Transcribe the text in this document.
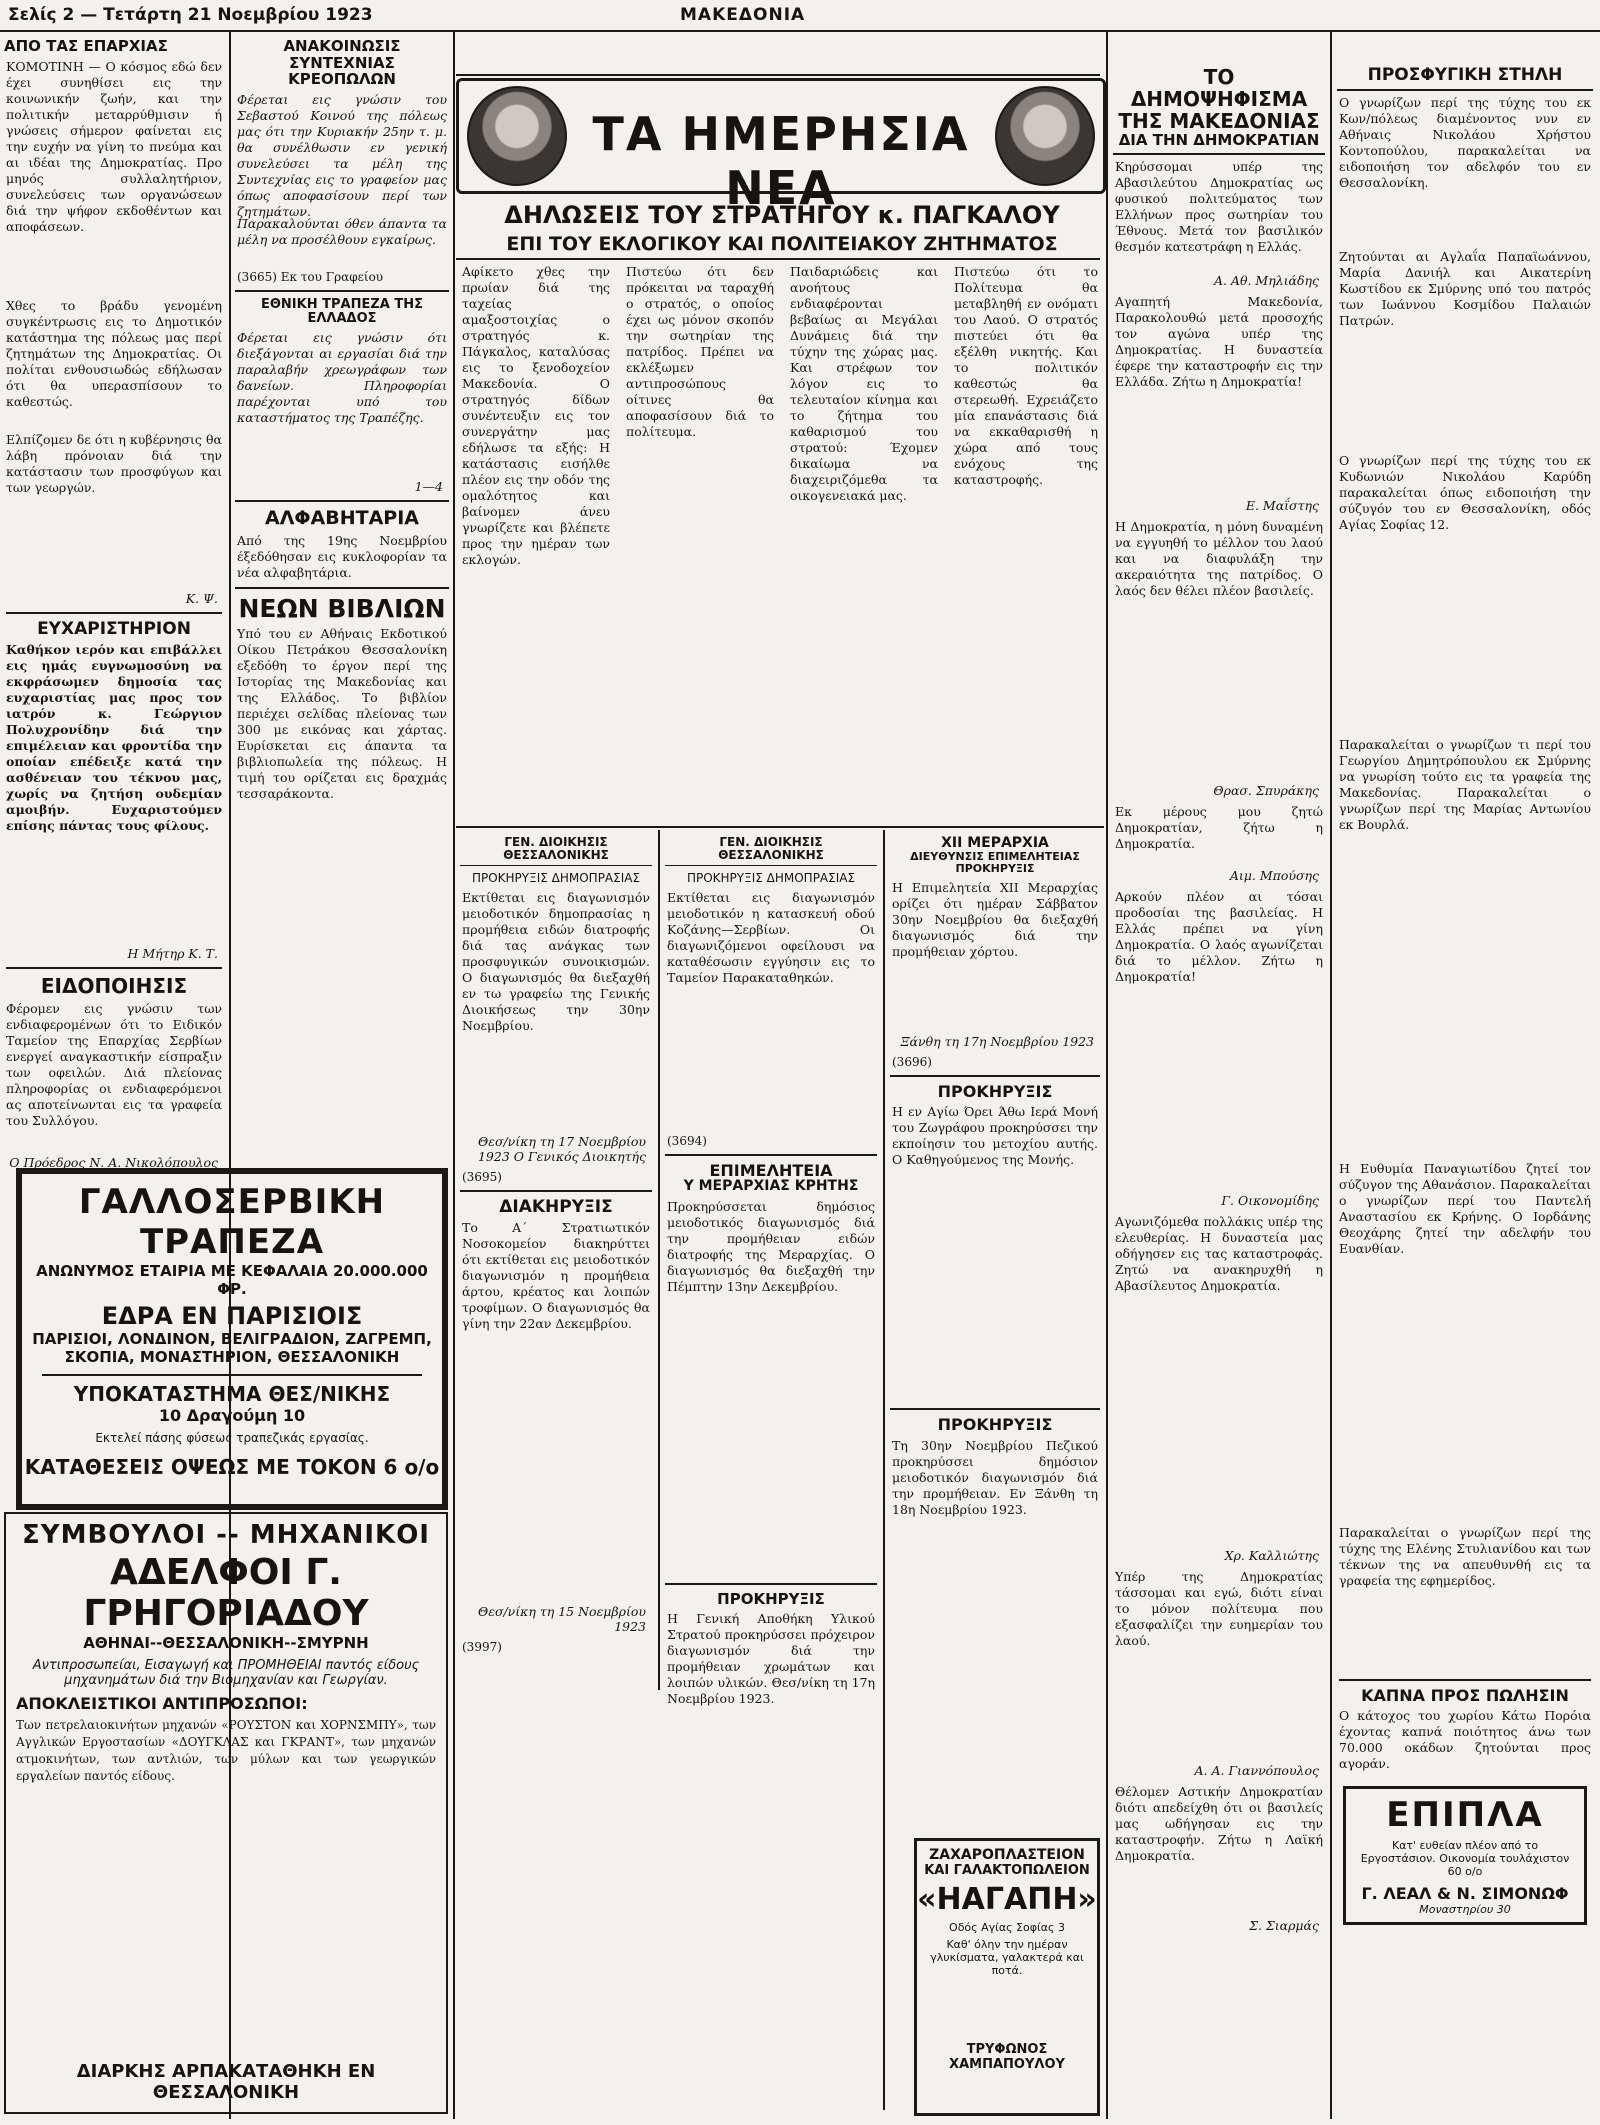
Σελίς 2 — Τετάρτη 21 Νοεμβρίου 1923	ΜΑΚΕΔΟΝΙΑ
ΑΠΟ ΤΑΣ ΕΠΑΡΧΙΑΣ

ΚΟΜΟΤΙΝΗ — Ο κόσμος εδώ δεν έχει συνηθίσει εις την κοινωνικήν ζωήν, και την πολιτικήν μεταρρύθμισιν ή γνώσεις σήμερον φαίνεται εις την ευχήν να γίνη το πνεύμα και αι ιδέαι της Δημοκρατίας. Προ μηνός συλλαλητήριον, συνελεύσεις των οργανώσεων διά την ψήφον εκδοθέντων και αποφάσεων.

Χθες το βράδυ γενομένη συγκέντρωσις εις το Δημοτικόν κατάστημα της πόλεως μας περί ζητημάτων της Δημοκρατίας. Οι πολίται ενθουσιωδώς εδήλωσαν ότι θα υπερασπίσουν το καθεστώς.

Ελπίζομεν δε ότι η κυβέρνησις θα λάβη πρόνοιαν διά την κατάστασιν των προσφύγων και των γεωργών.

Κ. Ψ.
ΕΥΧΑΡΙΣΤΗΡΙΟΝ

Καθήκον ιερόν και επιβάλλει εις ημάς ευγνωμοσύνη να εκφράσωμεν δημοσία τας ευχαριστίας μας προς τον ιατρόν κ. Γεώργιον Πολυχρονίδην διά την επιμέλειαν και φροντίδα την οποίαν επέδειξε κατά την ασθένειαν του τέκνου μας, χωρίς να ζητήση ουδεμίαν αμοιβήν. Ευχαριστούμεν επίσης πάντας τους φίλους.

Η Μήτηρ Κ. Τ.
ΕΙΔΟΠΟΙΗΣΙΣ

Φέρομεν εις γνώσιν των ενδιαφερομένων ότι το Ειδικόν Ταμείον της Επαρχίας Σερβίων ενεργεί αναγκαστικήν είσπραξιν των οφειλών. Διά πλείονας πληροφορίας οι ενδιαφερόμενοι ας αποτείνωνται εις τα γραφεία του Συλλόγου.

Ο Πρόεδρος Ν. Α. Νικολόπουλος
ΑΝΑΚΟΙΝΩΣΙΣ
ΣΥΝΤΕΧΝΙΑΣ ΚΡΕΟΠΩΛΩΝ

Φέρεται εις γνώσιν του Σεβαστού Κοινού της πόλεως μας ότι την Κυριακήν 25ην τ. μ. θα συνέλθωσιν εν γενική συνελεύσει τα μέλη της Συντεχνίας εις το γραφείον μας όπως αποφασίσουν περί των ζητημάτων.

Παρακαλούνται όθεν άπαντα τα μέλη να προσέλθουν εγκαίρως.

(3665) Εκ του Γραφείου
ΕΘΝΙΚΗ ΤΡΑΠΕΖΑ ΤΗΣ ΕΛΛΑΔΟΣ

Φέρεται εις γνώσιν ότι διεξάγονται αι εργασίαι διά την παραλαβήν χρεωγράφων των δανείων. Πληροφορίαι παρέχονται υπό του καταστήματος της Τραπέζης.

1—4
ΑΛΦΑΒΗΤΑΡΙΑ

Από της 19ης Νοεμβρίου έξεδόθησαν εις κυκλοφορίαν τα νέα αλφαβητάρια.

ΝΕΩΝ ΒΙΒΛΙΩΝ

Υπό του εν Αθήναις Εκδοτικού Οίκου Πετράκου Θεσσαλονίκη εξεδόθη το έργον περί της Ιστορίας της Μακεδονίας και της Ελλάδος. Το βιβλίον περιέχει σελίδας πλείονας των 300 με εικόνας και χάρτας. Ευρίσκεται εις άπαντα τα βιβλιοπωλεία της πόλεως. Η τιμή του ορίζεται εις δραχμάς τεσσαράκοντα.

ΤΑ ΗΜΕΡΗΣΙΑ ΝΕΑ
ΔΗΛΩΣΕΙΣ ΤΟΥ ΣΤΡΑΤΗΓΟΥ κ. ΠΑΓΚΑΛΟΥ
ΕΠΙ ΤΟΥ ΕΚΛΟΓΙΚΟΥ ΚΑΙ ΠΟΛΙΤΕΙΑΚΟΥ ΖΗΤΗΜΑΤΟΣ

Αφίκετο χθες την πρωίαν διά της ταχείας αμαξοστοιχίας ο στρατηγός κ. Πάγκαλος, καταλύσας εις το ξενοδοχείον Μακεδονία. Ο στρατηγός δίδων συνέντευξιν εις τον συνεργάτην μας εδήλωσε τα εξής: Η κατάστασις εισήλθε πλέον εις την οδόν της ομαλότητος και βαίνομεν άνευ γνωρίζετε και βλέπετε προς την ημέραν των εκλογών.

Πιστεύω ότι δεν πρόκειται να ταραχθή ο στρατός, ο οποίος έχει ως μόνον σκοπόν την σωτηρίαν της πατρίδος. Πρέπει να εκλέξωμεν αντιπροσώπους οίτινες θα αποφασίσουν διά το πολίτευμα.

Παιδαριώδεις και ανοήτους ενδιαφέρονται βεβαίως αι Μεγάλαι Δυνάμεις διά την τύχην της χώρας μας. Και στρέφων τον λόγον εις το τελευταίον κίνημα και το ζήτημα του καθαρισμού του στρατού: Έχομεν δικαίωμα να διαχειριζόμεθα τα οικογενειακά μας.

Πιστεύω ότι το Πολίτευμα θα μεταβληθή εν ονόματι του Λαού. Ο στρατός πιστεύει ότι θα εξέλθη νικητής. Και το πολιτικόν καθεστώς θα στερεωθή. Εχρειάζετο μία επανάστασις διά να εκκαθαρισθή η χώρα από τους ενόχους της καταστροφής.

ΓΕΝ. ΔΙΟΙΚΗΣΙΣ ΘΕΣΣΑΛΟΝΙΚΗΣ
ΠΡΟΚΗΡΥΞΙΣ ΔΗΜΟΠΡΑΣΙΑΣ

Εκτίθεται εις διαγωνισμόν μειοδοτικόν δημοπρασίας η προμήθεια ειδών διατροφής διά τας ανάγκας των προσφυγικών συνοικισμών. Ο διαγωνισμός θα διεξαχθή εν τω γραφείω της Γενικής Διοικήσεως την 30ην Νοεμβρίου.

Θεσ/νίκη τη 17 Νοεμβρίου 1923 Ο Γενικός Διοικητής
(3695)
ΔΙΑΚΗΡΥΞΙΣ

Το Α΄ Στρατιωτικόν Νοσοκομείον διακηρύττει ότι εκτίθεται εις μειοδοτικόν διαγωνισμόν η προμήθεια άρτου, κρέατος και λοιπών τροφίμων. Ο διαγωνισμός θα γίνη την 22αν Δεκεμβρίου.

Θεσ/νίκη τη 15 Νοεμβρίου 1923
(3997)
ΓΕΝ. ΔΙΟΙΚΗΣΙΣ ΘΕΣΣΑΛΟΝΙΚΗΣ
ΠΡΟΚΗΡΥΞΙΣ ΔΗΜΟΠΡΑΣΙΑΣ

Εκτίθεται εις διαγωνισμόν μειοδοτικόν η κατασκευή οδού Κοζάνης—Σερβίων. Οι διαγωνιζόμενοι οφείλουσι να καταθέσωσιν εγγύησιν εις το Ταμείον Παρακαταθηκών.

(3694)
ΕΠΙΜΕΛΗΤΕΙΑ
Υ ΜΕΡΑΡΧΙΑΣ ΚΡΗΤΗΣ

Προκηρύσσεται δημόσιος μειοδοτικός διαγωνισμός διά την προμήθειαν ειδών διατροφής της Μεραρχίας. Ο διαγωνισμός θα διεξαχθή την Πέμπτην 13ην Δεκεμβρίου.

ΠΡΟΚΗΡΥΞΙΣ

Η Γενική Αποθήκη Υλικού Στρατού προκηρύσσει πρόχειρον διαγωνισμόν διά την προμήθειαν χρωμάτων και λοιπών υλικών. Θεσ/νίκη τη 17η Νοεμβρίου 1923.

ΧΙΙ ΜΕΡΑΡΧΙΑ
ΔΙΕΥΘΥΝΣΙΣ ΕΠΙΜΕΛΗΤΕΙΑΣ
ΠΡΟΚΗΡΥΞΙΣ

Η Επιμελητεία ΧΙΙ Μεραρχίας ορίζει ότι ημέραν Σάββατον 30ην Νοεμβρίου θα διεξαχθή διαγωνισμός διά την προμήθειαν χόρτου.

Ξάνθη τη 17η Νοεμβρίου 1923
(3696)
ΠΡΟΚΗΡΥΞΙΣ

Η εν Αγίω Όρει Άθω Ιερά Μονή του Ζωγράφου προκηρύσσει την εκποίησιν του μετοχίου αυτής. Ο Καθηγούμενος της Μονής.

ΠΡΟΚΗΡΥΞΙΣ

Τη 30ην Νοεμβρίου Πεζικού προκηρύσσει δημόσιον μειοδοτικόν διαγωνισμόν διά την προμήθειαν. Εν Ξάνθη τη 18η Νοεμβρίου 1923.

ΖΑΧΑΡΟΠΛΑΣΤΕΙΟΝ
ΚΑΙ ΓΑΛΑΚΤΟΠΩΛΕΙΟΝ
«ΗΑΓΑΠΗ»
Οδός Αγίας Σοφίας 3
Καθ' όλην την ημέραν γλυκίσματα, γαλακτερά και ποτά.
ΤΡΥΦΩΝΟΣ ΧΑΜΠΑΠΟΥΛΟΥ
ΓΑΛΛΟΣΕΡΒΙΚΗ ΤΡΑΠΕΖΑ
ΑΝΩΝΥΜΟΣ ΕΤΑΙΡΙΑ ΜΕ ΚΕΦΑΛΑΙΑ 20.000.000 ΦΡ.
ΕΔΡΑ ΕΝ ΠΑΡΙΣΙΟΙΣ
ΠΑΡΙΣΙΟΙ, ΛΟΝΔΙΝΟΝ, ΒΕΛΙΓΡΑΔΙΟΝ, ΖΑΓΡΕΜΠ,
ΣΚΟΠΙΑ, ΜΟΝΑΣΤΗΡΙΟΝ, ΘΕΣΣΑΛΟΝΙΚΗ
ΥΠΟΚΑΤΑΣΤΗΜΑ ΘΕΣ/ΝΙΚΗΣ
10 Δραγούμη 10
Εκτελεί πάσης φύσεως τραπεζικάς εργασίας.
ΚΑΤΑΘΕΣΕΙΣ ΟΨΕΩΣ ΜΕ ΤΟΚΟΝ 6 ο/ο
ΣΥΜΒΟΥΛΟΙ -- ΜΗΧΑΝΙΚΟΙ
ΑΔΕΛΦΟΙ Γ. ΓΡΗΓΟΡΙΑΔΟΥ
ΑΘΗΝΑΙ--ΘΕΣΣΑΛΟΝΙΚΗ--ΣΜΥΡΝΗ
Αντιπροσωπείαι, Εισαγωγή και ΠΡΟΜΗΘΕΙΑΙ παντός είδους μηχανημάτων διά την Βιομηχανίαν και Γεωργίαν.
ΑΠΟΚΛΕΙΣΤΙΚΟΙ ΑΝΤΙΠΡΟΣΩΠΟΙ:
Των πετρελαιοκινήτων μηχανών «ΡΟΥΣΤΟΝ και ΧΟΡΝΣΜΠΥ», των Αγγλικών Εργοστασίων «ΔΟΥΓΚΛΑΣ και ΓΚΡΑΝΤ», των μηχανών ατμοκινήτων, των αντλιών, των μύλων και των γεωργικών εργαλείων παντός είδους.
ΔΙΑΡΚΗΣ ΑΡΠΑΚΑΤΑΘΗΚΗ ΕΝ ΘΕΣΣΑΛΟΝΙΚΗ
ΤΟ ΔΗΜΟΨΗΦΙΣΜΑ
ΤΗΣ ΜΑΚΕΔΟΝΙΑΣ
ΔΙΑ ΤΗΝ ΔΗΜΟΚΡΑΤΙΑΝ

Κηρύσσομαι υπέρ της Αβασιλεύτου Δημοκρατίας ως φυσικού πολιτεύματος των Ελλήνων προς σωτηρίαν του Έθνους. Μετά τον βασιλικόν θεσμόν κατεστράφη η Ελλάς.

Α. Αθ. Μηλιάδης

Αγαπητή Μακεδονία, Παρακολουθώ μετά προσοχής τον αγώνα υπέρ της Δημοκρατίας. Η δυναστεία έφερε την καταστροφήν εις την Ελλάδα. Ζήτω η Δημοκρατία!

Ε. Μαΐστης

Η Δημοκρατία, η μόνη δυναμένη να εγγυηθή το μέλλον του λαού και να διαφυλάξη την ακεραιότητα της πατρίδος. Ο λαός δεν θέλει πλέον βασιλείς.

Θρασ. Σπυράκης

Εκ μέρους μου ζητώ Δημοκρατίαν, ζήτω η Δημοκρατία.

Αιμ. Μπούσης

Αρκούν πλέον αι τόσαι προδοσίαι της βασιλείας. Η Ελλάς πρέπει να γίνη Δημοκρατία. Ο λαός αγωνίζεται διά το μέλλον. Ζήτω η Δημοκρατία!

Γ. Οικονομίδης

Αγωνιζόμεθα πολλάκις υπέρ της ελευθερίας. Η δυναστεία μας οδήγησεν εις τας καταστροφάς. Ζητώ να ανακηρυχθή η Αβασίλευτος Δημοκρατία.

Χρ. Καλλιώτης

Υπέρ της Δημοκρατίας τάσσομαι και εγώ, διότι είναι το μόνον πολίτευμα που εξασφαλίζει την ευημερίαν του λαού.

Α. Α. Γιαννόπουλος

Θέλομεν Αστικήν Δημοκρατίαν διότι απεδείχθη ότι οι βασιλείς μας ωδήγησαν εις την καταστροφήν. Ζήτω η Λαϊκή Δημοκρατία.

Σ. Σιαρμάς
ΠΡΟΣΦΥΓΙΚΗ ΣΤΗΛΗ

Ο γνωρίζων περί της τύχης του εκ Κων/πόλεως διαμένοντος νυν εν Αθήναις Νικολάου Χρήστου Κοντοπούλου, παρακαλείται να ειδοποιήση τον αδελφόν του εν Θεσσαλονίκη.

Ζητούνται αι Αγλαΐα Παπαϊωάννου, Μαρία Δανιήλ και Αικατερίνη Κωστίδου εκ Σμύρνης υπό του πατρός των Ιωάννου Κοσμίδου Παλαιών Πατρών.

Ο γνωρίζων περί της τύχης του εκ Κυδωνιών Νικολάου Καρύδη παρακαλείται όπως ειδοποιήση την σύζυγόν του εν Θεσσαλονίκη, οδός Αγίας Σοφίας 12.

Παρακαλείται ο γνωρίζων τι περί του Γεωργίου Δημητρόπουλου εκ Σμύρνης να γνωρίση τούτο εις τα γραφεία της Μακεδονίας. Παρακαλείται ο γνωρίζων περί της Μαρίας Αντωνίου εκ Βουρλά.

Η Ευθυμία Παναγιωτίδου ζητεί τον σύζυγον της Αθανάσιον. Παρακαλείται ο γνωρίζων περί του Παντελή Αναστασίου εκ Κρήνης. Ο Ιορδάνης Θεοχάρης ζητεί την αδελφήν του Ευανθίαν.

Παρακαλείται ο γνωρίζων περί της τύχης της Ελένης Στυλιανίδου και των τέκνων της να απευθυνθή εις τα γραφεία της εφημερίδος.

ΚΑΠΝΑ ΠΡΟΣ ΠΩΛΗΣΙΝ

Ο κάτοχος του χωρίου Κάτω Πορόια έχοντας καπνά ποιότητος άνω των 70.000 οκάδων ζητούνται προς αγοράν.

ΕΠΙΠΛΑ
Κατ' ευθείαν πλέον από το Εργοστάσιον. Οικονομία τουλάχιστον 60 ο/ο
Γ. ΛΕΑΛ & Ν. ΣΙΜΟΝΩΦ
Μοναστηρίου 30
